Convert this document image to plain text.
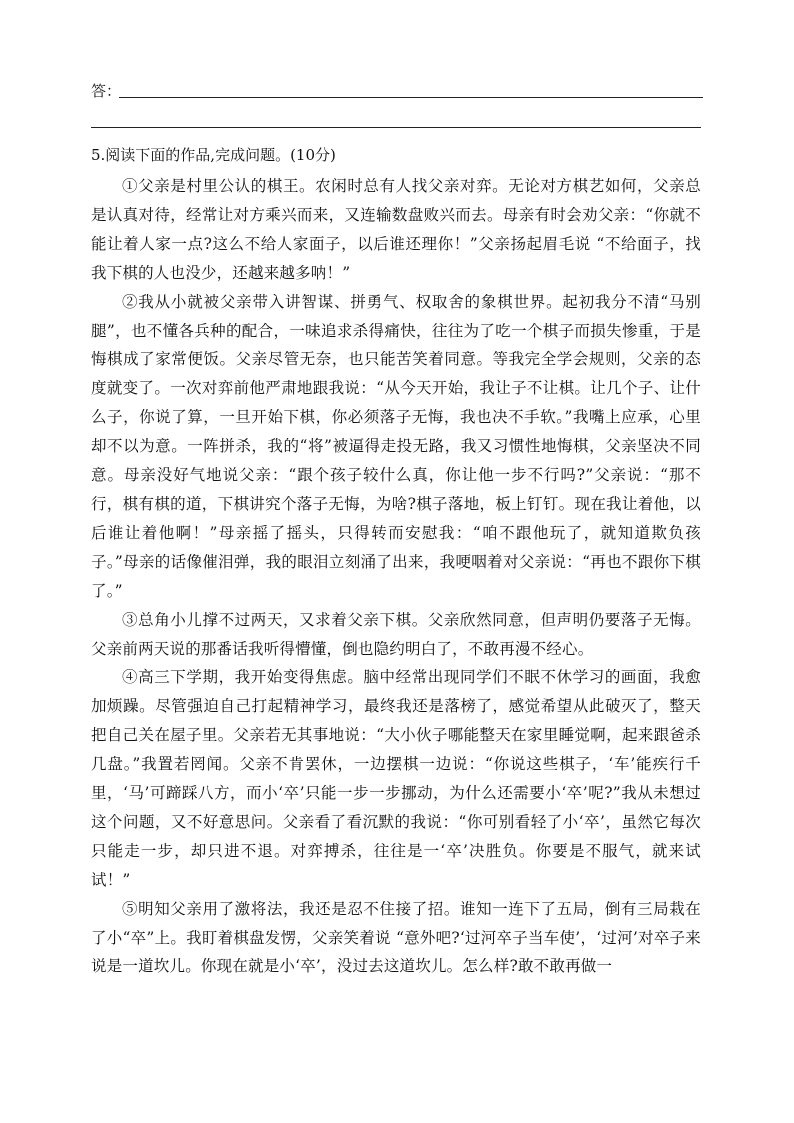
答：
5.阅读下面的作品,完成问题。(10分)

①父亲是村里公认的棋王。农闲时总有人找父亲对弈。无论对方棋艺如何，父亲总是认真对待，经常让对方乘兴而来，又连输数盘败兴而去。母亲有时会劝父亲：“你就不能让着人家一点?这么不给人家面子，以后谁还理你！”父亲扬起眉毛说 “不给面子，找我下棋的人也没少，还越来越多呐！”

②我从小就被父亲带入讲智谋、拼勇气、权取舍的象棋世界。起初我分不清“马别腿”，也不懂各兵种的配合，一味追求杀得痛快，往往为了吃一个棋子而损失惨重，于是悔棋成了家常便饭。父亲尽管无奈，也只能苦笑着同意。等我完全学会规则，父亲的态度就变了。一次对弈前他严肃地跟我说：“从今天开始，我让子不让棋。让几个子、让什么子，你说了算，一旦开始下棋，你必须落子无悔，我也决不手软。”我嘴上应承，心里却不以为意。一阵拼杀，我的“将”被逼得走投无路，我又习惯性地悔棋，父亲坚决不同意。母亲没好气地说父亲：“跟个孩子较什么真，你让他一步不行吗?”父亲说：“那不行，棋有棋的道，下棋讲究个落子无悔，为啥?棋子落地，板上钉钉。现在我让着他，以后谁让着他啊！”母亲摇了摇头，只得转而安慰我：“咱不跟他玩了，就知道欺负孩子。”母亲的话像催泪弹，我的眼泪立刻涌了出来，我哽咽着对父亲说：“再也不跟你下棋了。”

③总角小儿撑不过两天，又求着父亲下棋。父亲欣然同意，但声明仍要落子无悔。父亲前两天说的那番话我听得懵懂，倒也隐约明白了，不敢再漫不经心。

④高三下学期，我开始变得焦虑。脑中经常出现同学们不眠不休学习的画面，我愈加烦躁。尽管强迫自己打起精神学习，最终我还是落榜了，感觉希望从此破灭了，整天把自己关在屋子里。父亲若无其事地说：“大小伙子哪能整天在家里睡觉啊，起来跟爸杀几盘。”我置若罔闻。父亲不肯罢休，一边摆棋一边说：“你说这些棋子，‘车’能疾行千里，‘马’可蹄踩八方，而小‘卒’只能一步一步挪动，为什么还需要小‘卒’呢?”我从未想过这个问题，又不好意思问。父亲看了看沉默的我说：“你可别看轻了小‘卒’，虽然它每次只能走一步，却只进不退。对弈搏杀，往往是一‘卒’决胜负。你要是不服气，就来试试！”

⑤明知父亲用了激将法，我还是忍不住接了招。谁知一连下了五局，倒有三局栽在了小“卒”上。我盯着棋盘发愣，父亲笑着说 “意外吧?‘过河卒子当车使’，‘过河’对卒子来说是一道坎儿。你现在就是小‘卒’，没过去这道坎儿。怎么样?敢不敢再做一
